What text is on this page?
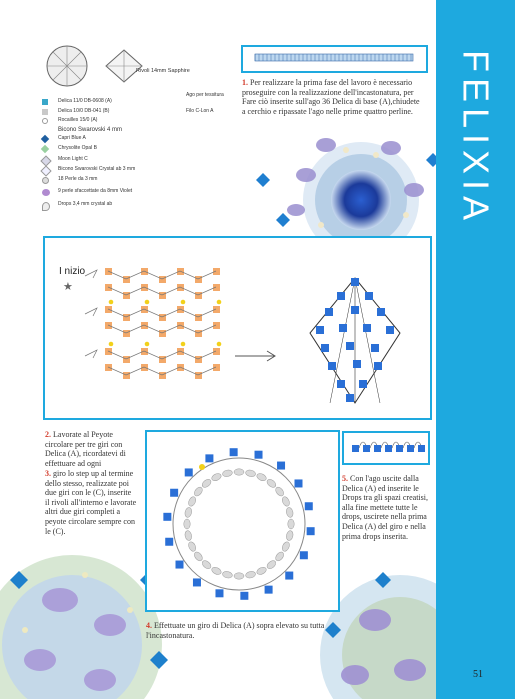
FELIXIA
Rivoli 14mm Sapphire
Ago per tessitura
Filo C-Lon A
Delica 11/0 DB-0608 (A)
Delica 10/0 DB-041 (B)
Rocailles 15/0 (A)
Bicono Swarovski 4 mm
Capri Blue A
Chrysolite Opal B
Moon Light C
Bicono Swarovski Crystal ab 3 mm
18 Perle da 3 mm
9 perle sfaccettate da 8mm Violet
Drops 3,4 mm crystal ab
1. Per realizzare la prima fase del lavoro è necessario proseguire con la realizzazione dell'incastonatura, per Fare ciò inserite sull'ago 36 Delica di base (A),chiudete a cerchio e ripassate l'ago nelle prime quattro perline.
I nizio
★
2. Lavorate al Peyote circolare per tre giri con Delica (A), ricordatevi di effettuare ad ogni
3. giro lo step up al termine dello stesso, realizzate poi due giri con le (C), inserite il rivoli all'interno e lavorate altri due giri completi a peyote circolare sempre con le (C).
4. Effettuate un giro di Delica (A) sopra elevato su tutta l'incastonatura.
5. Con l'ago uscite dalla Delica (A) ed inserite le Drops tra gli spazi creatisi, alla fine mettete tutte le drops, uscirete nella prima Delica (A) del giro e nella prima drops inserita.
51
